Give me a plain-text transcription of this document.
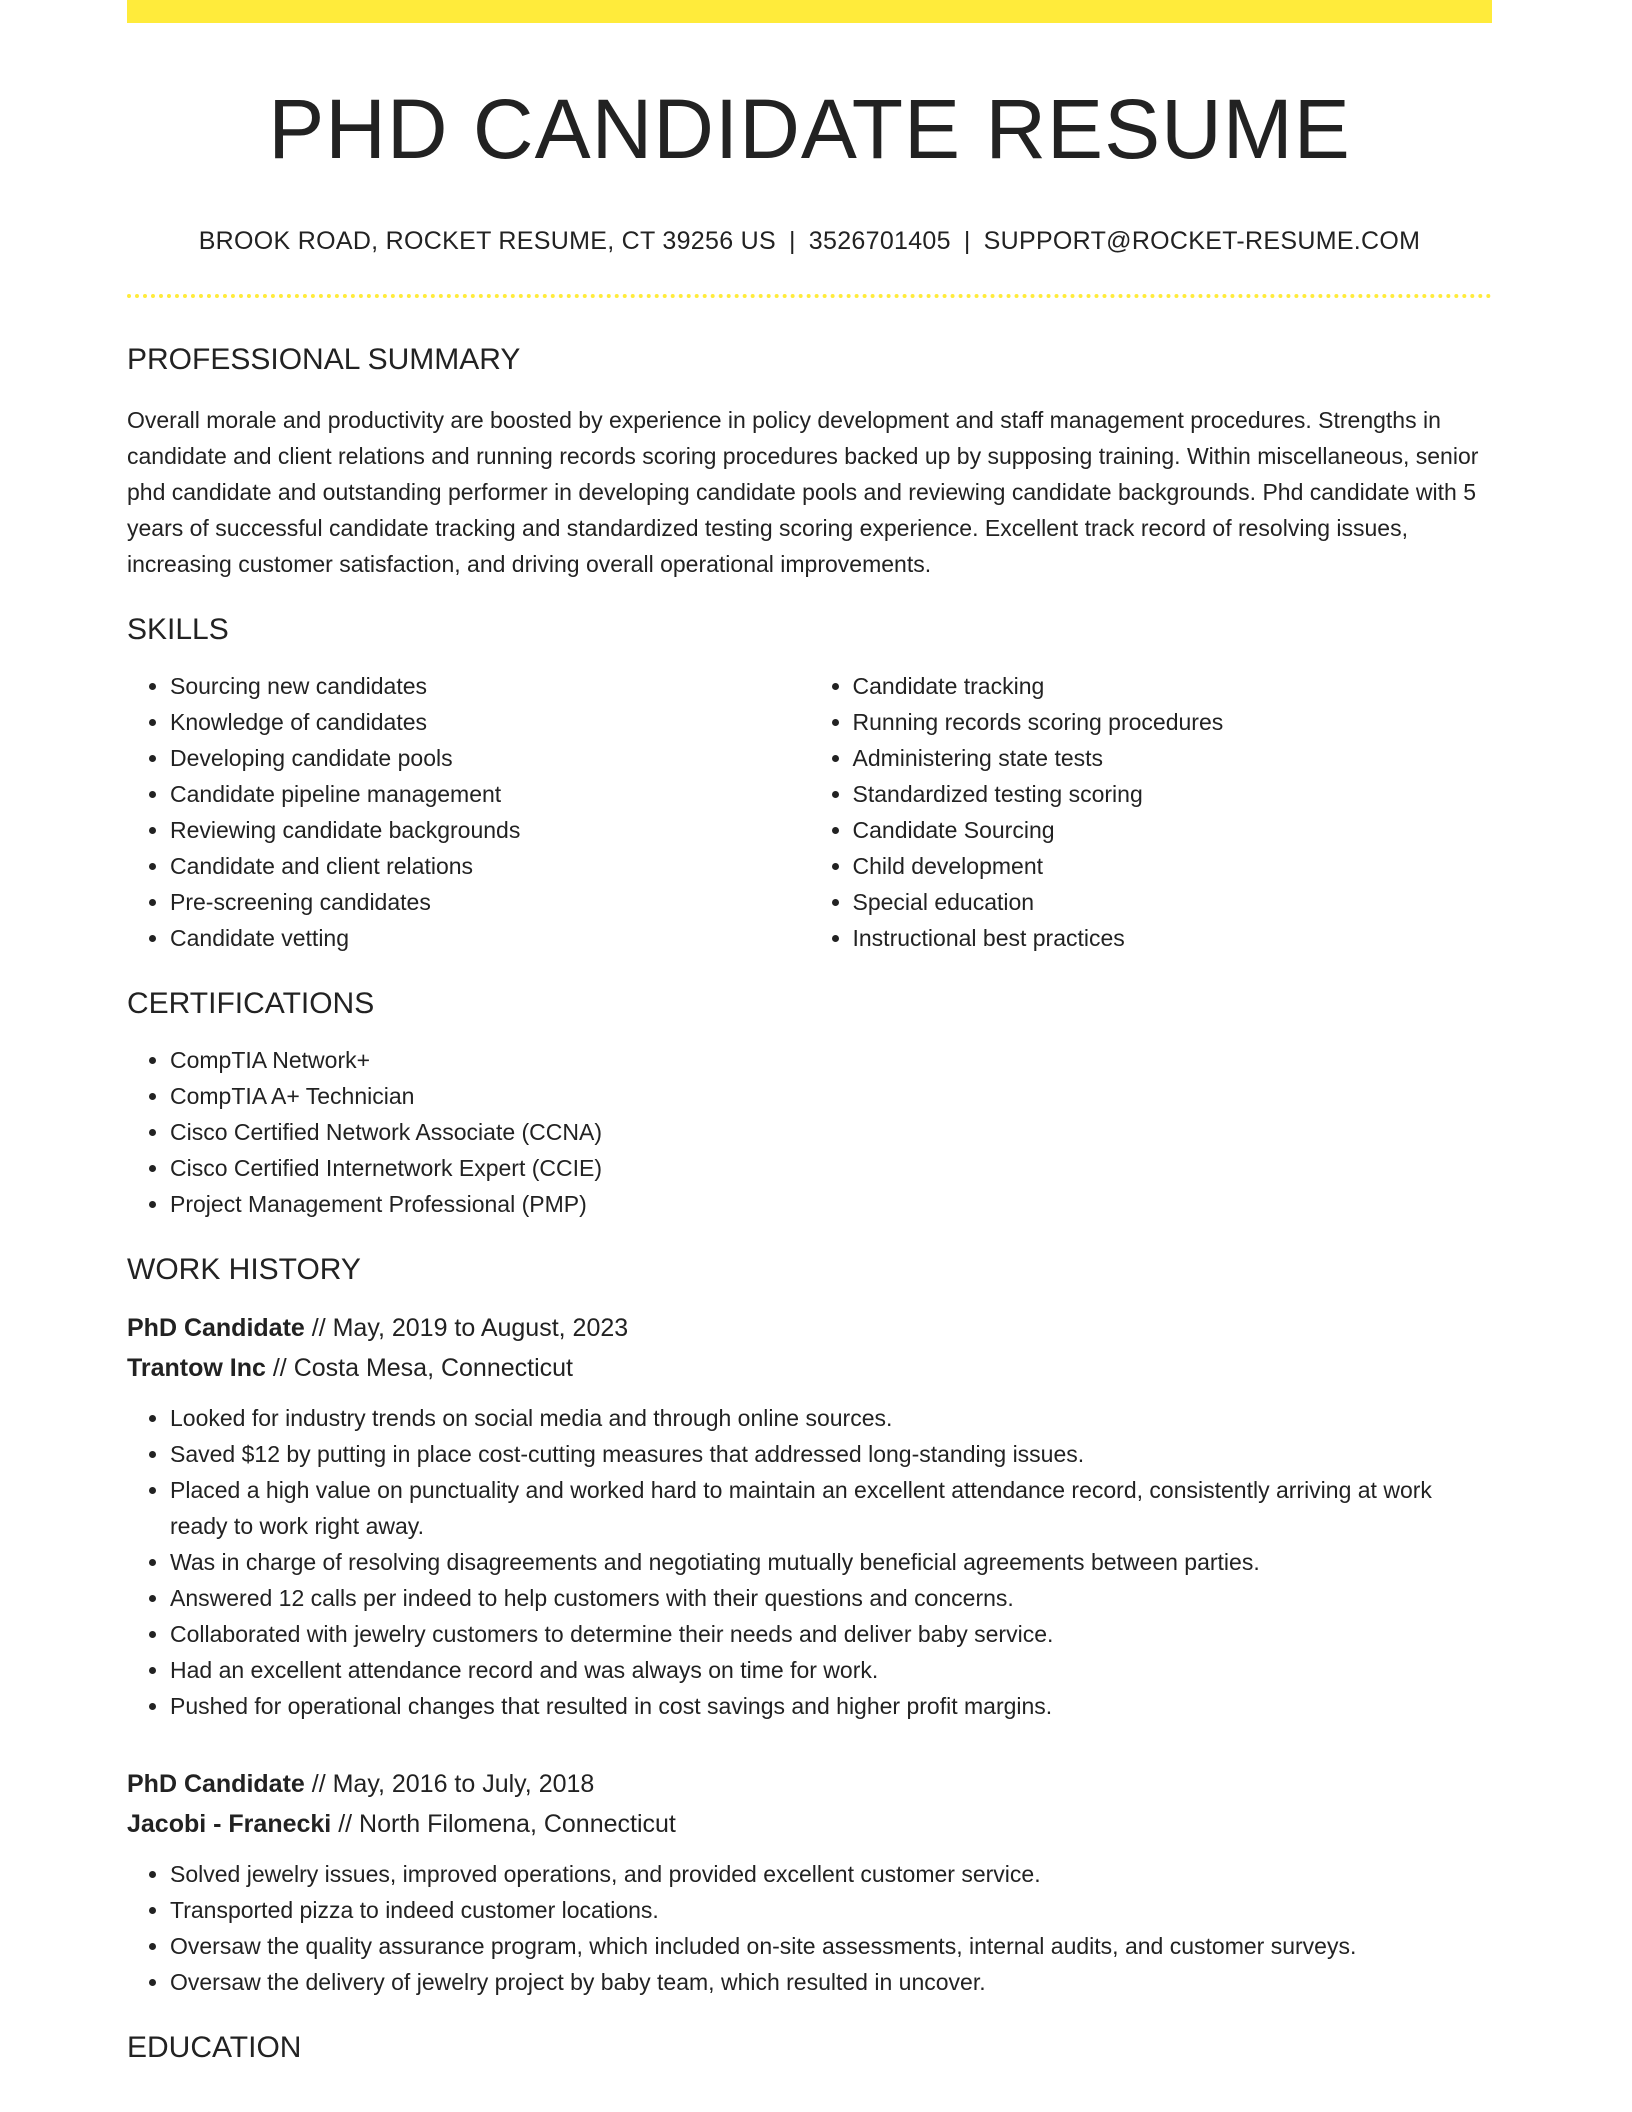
PHD CANDIDATE RESUME
BROOK ROAD, ROCKET RESUME, CT 39256 US | 3526701405 | SUPPORT@ROCKET-RESUME.COM
PROFESSIONAL SUMMARY

Overall morale and productivity are boosted by experience in policy development and staff management procedures. Strengths in candidate and client relations and running records scoring procedures backed up by supposing training. Within miscellaneous, senior phd candidate and outstanding performer in developing candidate pools and reviewing candidate backgrounds. Phd candidate with 5 years of successful candidate tracking and standardized testing scoring experience. Excellent track record of resolving issues, increasing customer satisfaction, and driving overall operational improvements.

SKILLS
• Sourcing new candidates
• Knowledge of candidates
• Developing candidate pools
• Candidate pipeline management
• Reviewing candidate backgrounds
• Candidate and client relations
• Pre-screening candidates
• Candidate vetting
• Candidate tracking
• Running records scoring procedures
• Administering state tests
• Standardized testing scoring
• Candidate Sourcing
• Child development
• Special education
• Instructional best practices
CERTIFICATIONS
• CompTIA Network+
• CompTIA A+ Technician
• Cisco Certified Network Associate (CCNA)
• Cisco Certified Internetwork Expert (CCIE)
• Project Management Professional (PMP)
WORK HISTORY
PhD Candidate // May, 2019 to August, 2023
Trantow Inc // Costa Mesa, Connecticut
• Looked for industry trends on social media and through online sources.
• Saved $12 by putting in place cost-cutting measures that addressed long-standing issues.
• Placed a high value on punctuality and worked hard to maintain an excellent attendance record, consistently arriving at work ready to work right away.
• Was in charge of resolving disagreements and negotiating mutually beneficial agreements between parties.
• Answered 12 calls per indeed to help customers with their questions and concerns.
• Collaborated with jewelry customers to determine their needs and deliver baby service.
• Had an excellent attendance record and was always on time for work.
• Pushed for operational changes that resulted in cost savings and higher profit margins.
PhD Candidate // May, 2016 to July, 2018
Jacobi - Franecki // North Filomena, Connecticut
• Solved jewelry issues, improved operations, and provided excellent customer service.
• Transported pizza to indeed customer locations.
• Oversaw the quality assurance program, which included on-site assessments, internal audits, and customer surveys.
• Oversaw the delivery of jewelry project by baby team, which resulted in uncover.
EDUCATION
